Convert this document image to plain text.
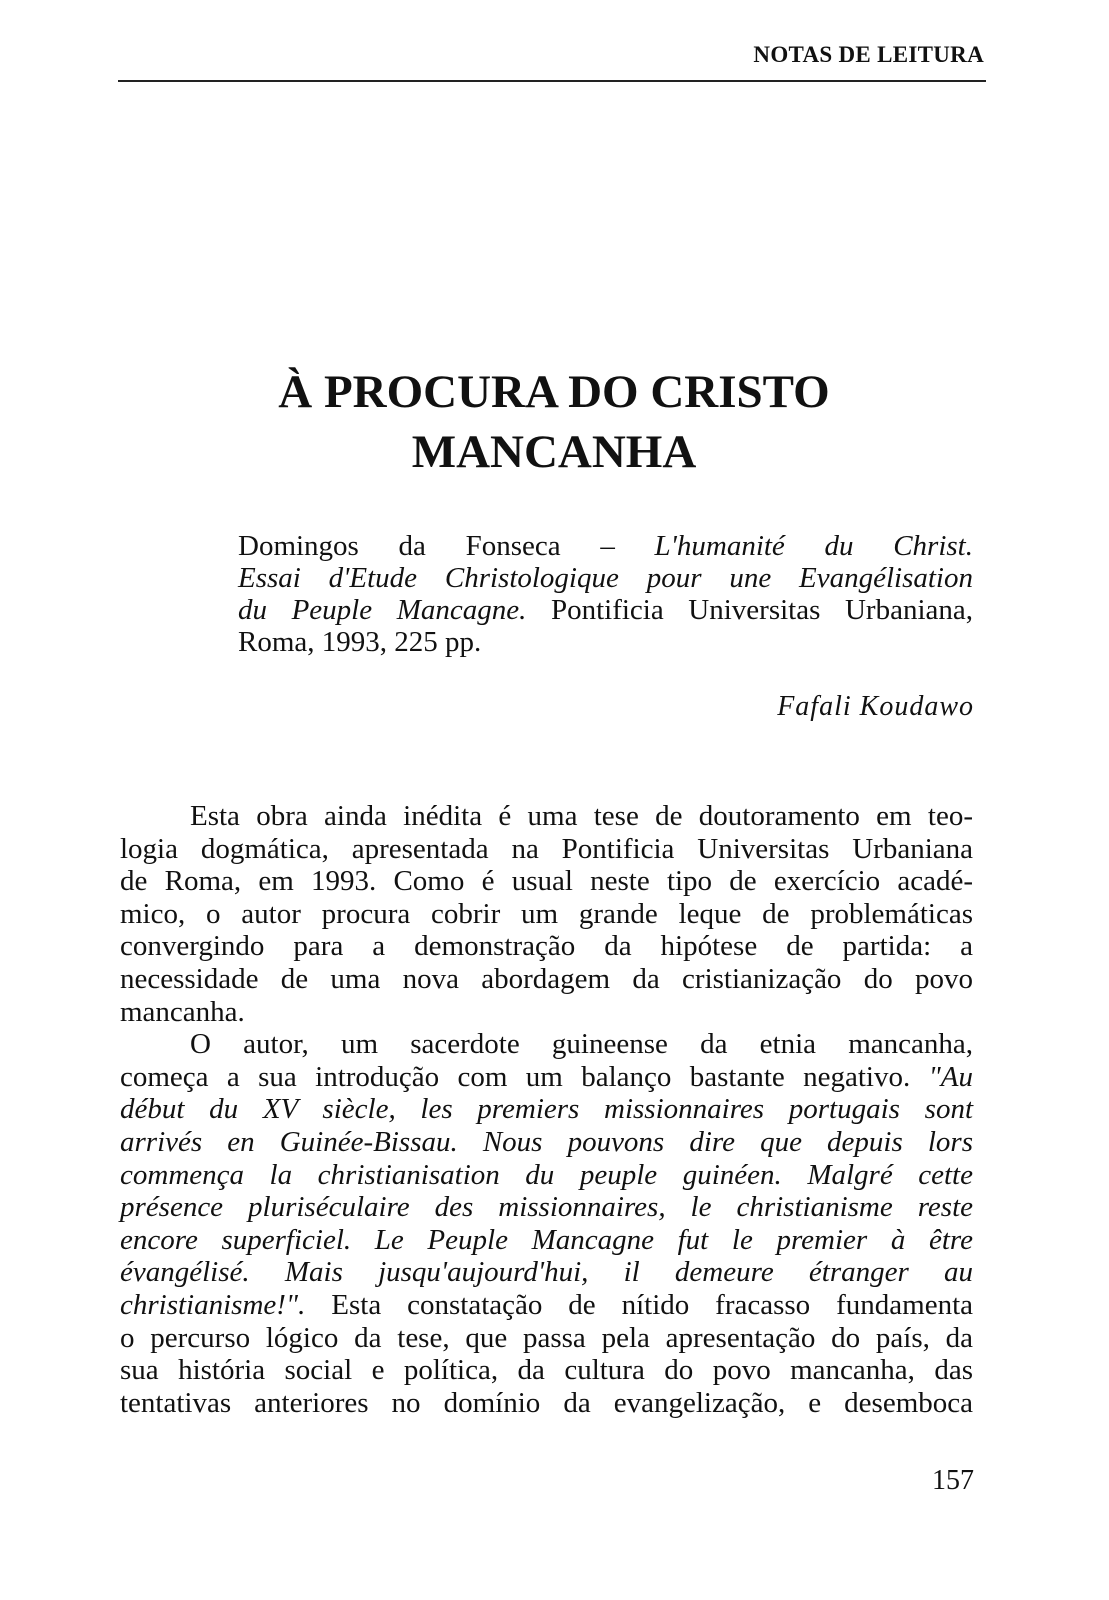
NOTAS DE LEITURA
À PROCURA DO CRISTO
MANCANHA
Domingos da Fonseca – L'humanité du Christ.
Essai d'Etude Christologique pour une Evangélisation
du Peuple Mancagne. Pontificia Universitas Urbaniana,
Roma, 1993, 225 pp.
Fafali Koudawo
Esta obra ainda inédita é uma tese de doutoramento em teo-
logia dogmática, apresentada na Pontificia Universitas Urbaniana
de Roma, em 1993. Como é usual neste tipo de exercício acadé-
mico, o autor procura cobrir um grande leque de problemáticas
convergindo para a demonstração da hipótese de partida: a
necessidade de uma nova abordagem da cristianização do povo
mancanha.
O autor, um sacerdote guineense da etnia mancanha,
começa a sua introdução com um balanço bastante negativo. "Au
début du XV siècle, les premiers missionnaires portugais sont
arrivés en Guinée-Bissau. Nous pouvons dire que depuis lors
commença la christianisation du peuple guinéen. Malgré cette
présence pluriséculaire des missionnaires, le christianisme reste
encore superficiel. Le Peuple Mancagne fut le premier à être
évangélisé. Mais jusqu'aujourd'hui, il demeure étranger au
christianisme!". Esta constatação de nítido fracasso fundamenta
o percurso lógico da tese, que passa pela apresentação do país, da
sua história social e política, da cultura do povo mancanha, das
tentativas anteriores no domínio da evangelização, e desemboca
157
